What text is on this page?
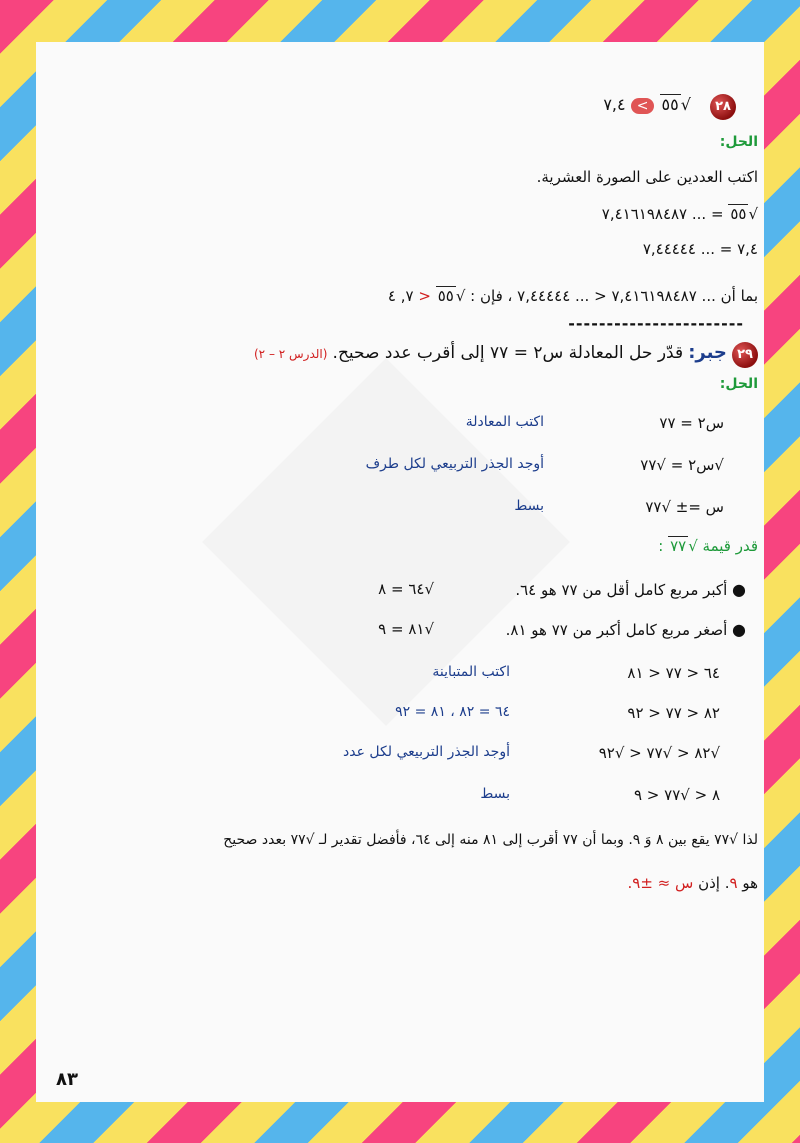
٢٨ √٥٥ > ٧,٤
الحل:
اكتب العددين على الصورة العشرية.
√٥٥ = ... ٧,٤١٦١٩٨٤٨٧
٧,٤ = ... ٧,٤٤٤٤٤
بما أن ... ٧,٤١٦١٩٨٤٨٧ < ... ٧,٤٤٤٤٤ ، فإن : √٥٥ < ٧, ٤
-----------------------
٢٩ جبر: قدّر حل المعادلة س٢ = ٧٧ إلى أقرب عدد صحيح. (الدرس ٢ – ٢)
الحل:
س٢ = ٧٧
اكتب المعادلة
√س٢ = √٧٧
أوجد الجذر التربيعي لكل طرف
س =± √٧٧
بسط
قدر قيمة √٧٧ :
● أكبر مربع كامل أقل من ٧٧ هو ٦٤.
√٦٤ = ٨
● أصغر مربع كامل أكبر من ٧٧ هو ٨١.
√٨١ = ٩
٦٤ < ٧٧ < ٨١
اكتب المتباينة
٨٢ < ٧٧ < ٩٢
٦٤ = ٨٢ ، ٨١ = ٩٢
√٨٢ < √٧٧ < √٩٢
أوجد الجذر التربيعي لكل عدد
٨ < √٧٧ < ٩
بسط
لذا √٧٧ يقع بين ٨ وَ ٩. وبما أن ٧٧ أقرب إلى ٨١ منه إلى ٦٤، فأفضل تقدير لـ √٧٧ بعدد صحيح
هو ٩. إذن س ≈ ±٩.
٨٣
